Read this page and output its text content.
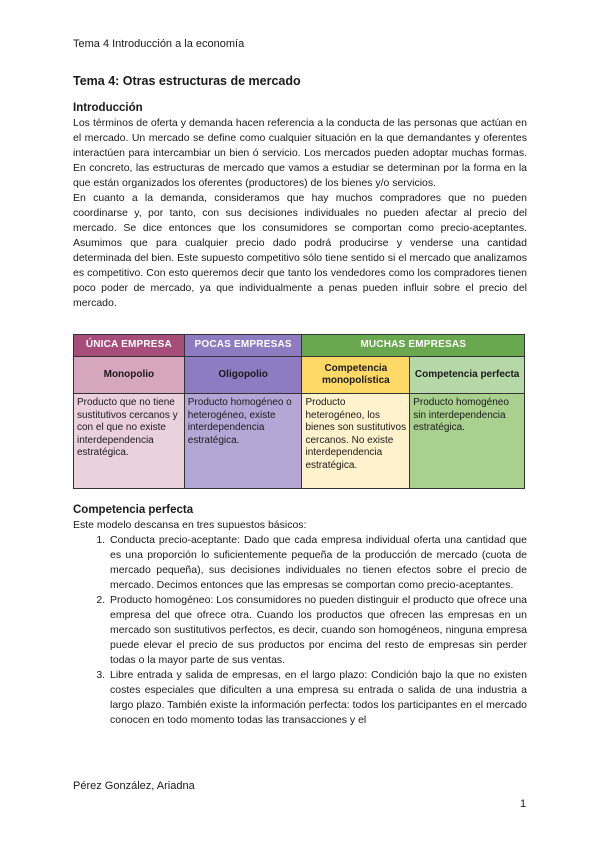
Tema 4 Introducción a la economía
Tema 4: Otras estructuras de mercado
Introducción

Los términos de oferta y demanda hacen referencia a la conducta de las personas que actúan en el mercado. Un mercado se define como cualquier situación en la que demandantes y oferentes interactúen para intercambiar un bien ó servicio. Los mercados pueden adoptar muchas formas. En concreto, las estructuras de mercado que vamos a estudiar se determinan por la forma en la que están organizados los oferentes (productores) de los bienes y/o servicios.

En cuanto a la demanda, consideramos que hay muchos compradores que no pueden coordinarse y, por tanto, con sus decisiones individuales no pueden afectar al precio del mercado. Se dice entonces que los consumidores se comportan como precio-aceptantes. Asumimos que para cualquier precio dado podrá producirse y venderse una cantidad determinada del bien. Este supuesto competitivo sólo tiene sentido si el mercado que analizamos es competitivo. Con esto queremos decir que tanto los vendedores como los compradores tienen poco poder de mercado, ya que individualmente a penas pueden influir sobre el precio del mercado.

ÚNICA EMPRESA	POCAS EMPRESAS	MUCHAS EMPRESAS	
Monopolio	Oligopolio	Competencia monopolística	Competencia perfecta
Producto que no tiene sustitutivos cercanos y con el que no existe interdependencia estratégica.	Producto homogéneo o heterogéneo, existe interdependencia estratégica.	Producto heterogéneo, los bienes son sustitutivos cercanos. No existe interdependencia estratégica.	Producto homogéneo sin interdependencia estratégica.
Competencia perfecta

Este modelo descansa en tres supuestos básicos:

1. Conducta precio-aceptante: Dado que cada empresa individual oferta una cantidad que es una proporción lo suficientemente pequeña de la producción de mercado (cuota de mercado pequeña), sus decisiones individuales no tienen efectos sobre el precio de mercado. Decimos entonces que las empresas se comportan como precio-aceptantes.
2. Producto homogéneo: Los consumidores no pueden distinguir el producto que ofrece una empresa del que ofrece otra. Cuando los productos que ofrecen las empresas en un mercado son sustitutivos perfectos, es decir, cuando son homogéneos, ninguna empresa puede elevar el precio de sus productos por encima del resto de empresas sin perder todas o la mayor parte de sus ventas.
3. Libre entrada y salida de empresas, en el largo plazo: Condición bajo la que no existen costes especiales que dificulten a una empresa su entrada o salida de una industria a largo plazo. También existe la información perfecta: todos los participantes en el mercado conocen en todo momento todas las transacciones y el
Pérez González, Ariadna
1
